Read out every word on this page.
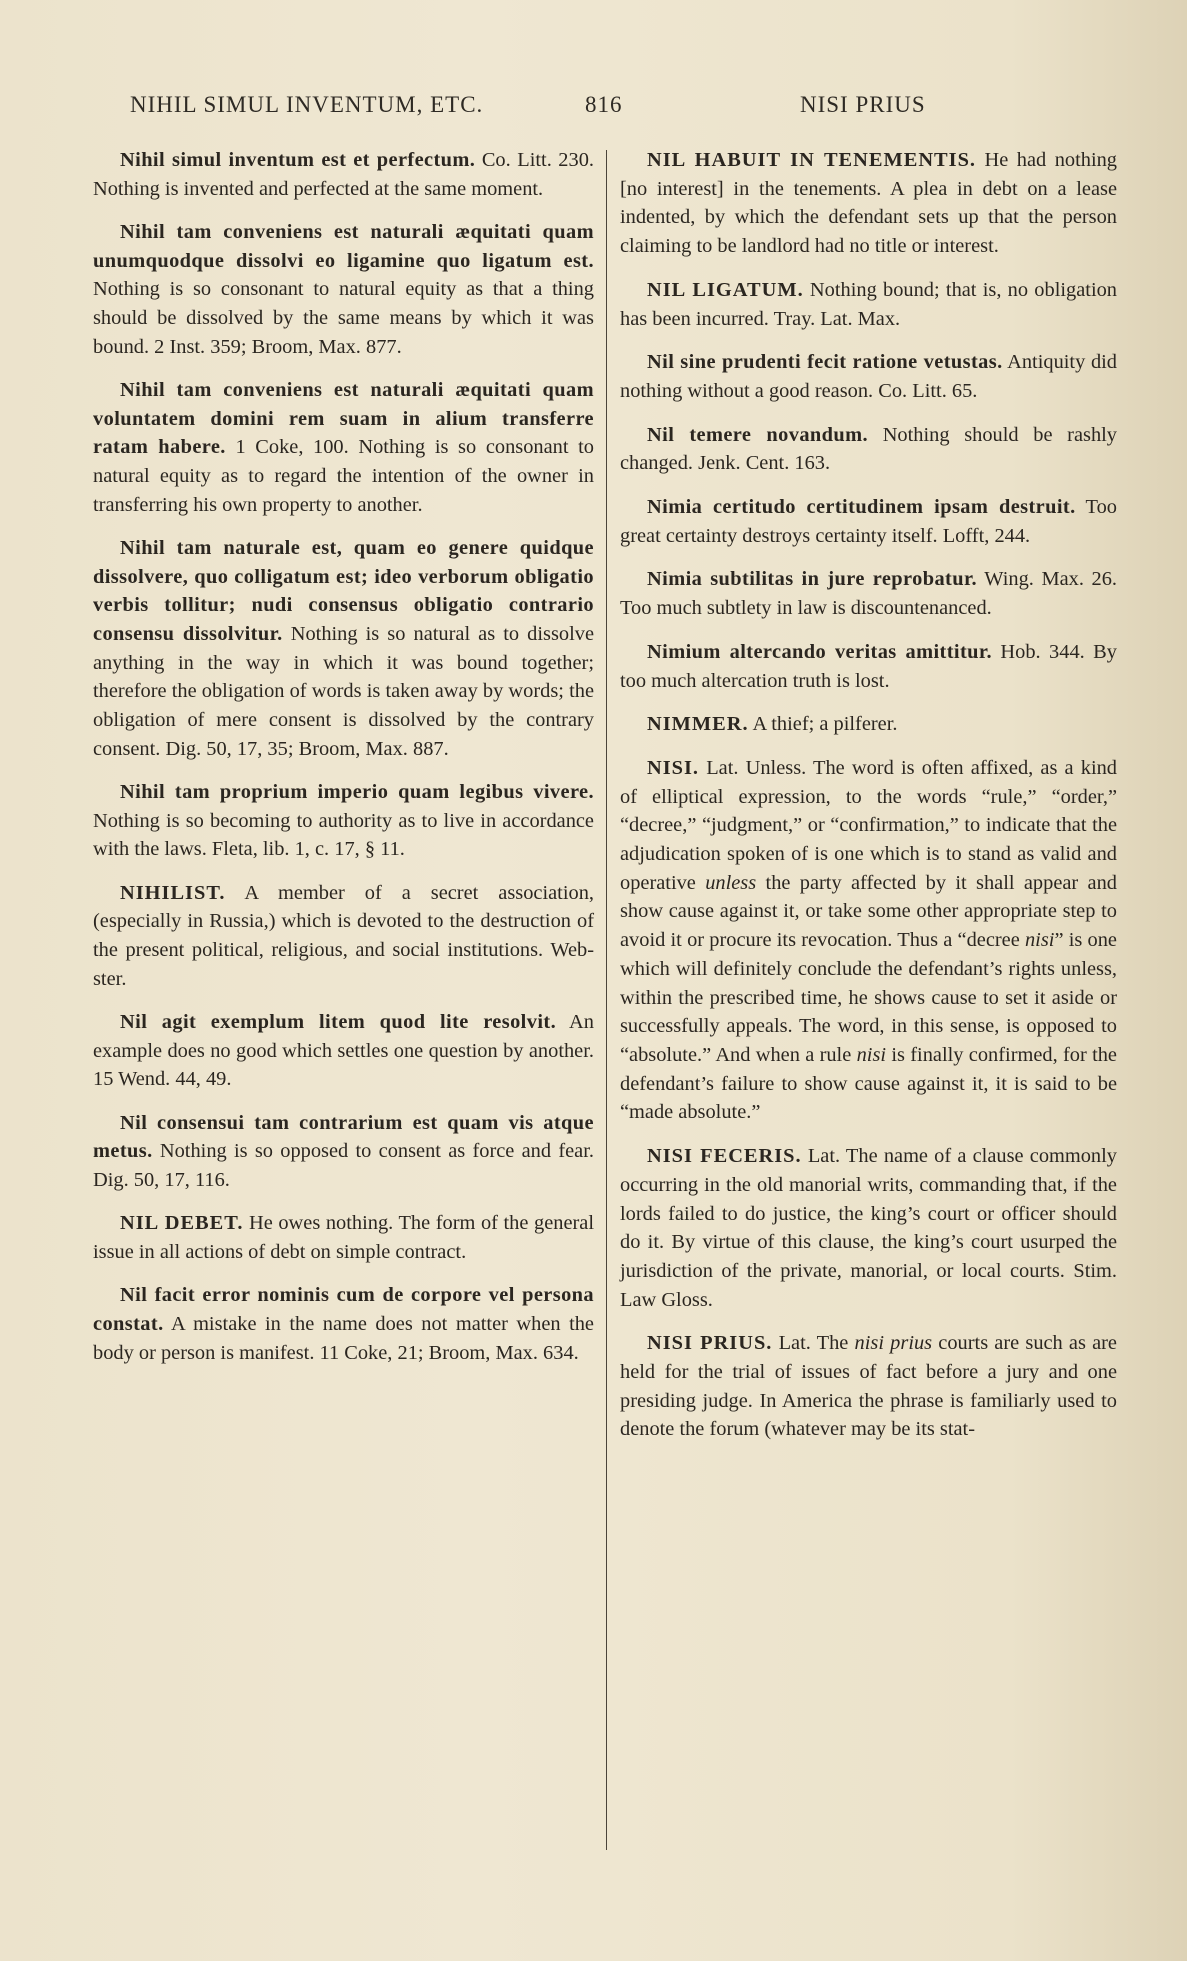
NIHIL SIMUL INVENTUM, ETC.	816	NISI PRIUS

Nihil simul inventum est et perfectum. Co. Litt. 230. Nothing is invented and perfected at the same moment.

Nihil tam conveniens est naturali æquitati quam unumquodque dissolvi eo ligamine quo ligatum est. Nothing is so consonant to natural equity as that a thing should be dissolved by the same means by which it was bound. 2 Inst. 359; Broom, Max. 877.

Nihil tam conveniens est naturali æquitati quam voluntatem domini rem suam in alium transferre ratam habere. 1 Coke, 100. Nothing is so consonant to natural equity as to regard the intention of the owner in transferring his own property to another.

Nihil tam naturale est, quam eo genere quidque dissolvere, quo colligatum est; ideo verborum obligatio verbis tollitur; nudi consensus obligatio contrario consensu dissolvitur. Nothing is so natural as to dissolve anything in the way in which it was bound together; therefore the obligation of words is taken away by words; the obligation of mere consent is dissolved by the contrary consent. Dig. 50, 17, 35; Broom, Max. 887.

Nihil tam proprium imperio quam legibus vivere. Nothing is so becoming to authority as to live in accordance with the laws. Fleta, lib. 1, c. 17, § 11.

NIHILIST. A member of a secret association, (especially in Russia,) which is devoted to the destruction of the present political, religious, and social institutions. Webster.

Nil agit exemplum litem quod lite resolvit. An example does no good which settles one question by another. 15 Wend. 44, 49.

Nil consensui tam contrarium est quam vis atque metus. Nothing is so opposed to consent as force and fear. Dig. 50, 17, 116.

NIL DEBET. He owes nothing. The form of the general issue in all actions of debt on simple contract.

Nil facit error nominis cum de corpore vel persona constat. A mistake in the name does not matter when the body or person is manifest. 11 Coke, 21; Broom, Max. 634.

NIL HABUIT IN TENEMENTIS. He had nothing [no interest] in the tenements. A plea in debt on a lease indented, by which the defendant sets up that the person claiming to be landlord had no title or interest.

NIL LIGATUM. Nothing bound; that is, no obligation has been incurred. Tray. Lat. Max.

Nil sine prudenti fecit ratione vetustas. Antiquity did nothing without a good reason. Co. Litt. 65.

Nil temere novandum. Nothing should be rashly changed. Jenk. Cent. 163.

Nimia certitudo certitudinem ipsam destruit. Too great certainty destroys certainty itself. Lofft, 244.

Nimia subtilitas in jure reprobatur. Wing. Max. 26. Too much subtlety in law is discountenanced.

Nimium altercando veritas amittitur. Hob. 344. By too much altercation truth is lost.

NIMMER. A thief; a pilferer.

NISI. Lat. Unless. The word is often affixed, as a kind of elliptical expression, to the words “rule,” “order,” “decree,” “judgment,” or “confirmation,” to indicate that the adjudication spoken of is one which is to stand as valid and operative unless the party affected by it shall appear and show cause against it, or take some other appropriate step to avoid it or procure its revocation. Thus a “decree nisi” is one which will definitely conclude the defendant’s rights unless, within the prescribed time, he shows cause to set it aside or successfully appeals. The word, in this sense, is opposed to “absolute.” And when a rule nisi is finally confirmed, for the defendant’s failure to show cause against it, it is said to be “made absolute.”

NISI FECERIS. Lat. The name of a clause commonly occurring in the old manorial writs, commanding that, if the lords failed to do justice, the king’s court or officer should do it. By virtue of this clause, the king’s court usurped the jurisdiction of the private, manorial, or local courts. Stim. Law Gloss.

NISI PRIUS. Lat. The nisi prius courts are such as are held for the trial of issues of fact before a jury and one presiding judge. In America the phrase is familiarly used to denote the forum (whatever may be its stat-
